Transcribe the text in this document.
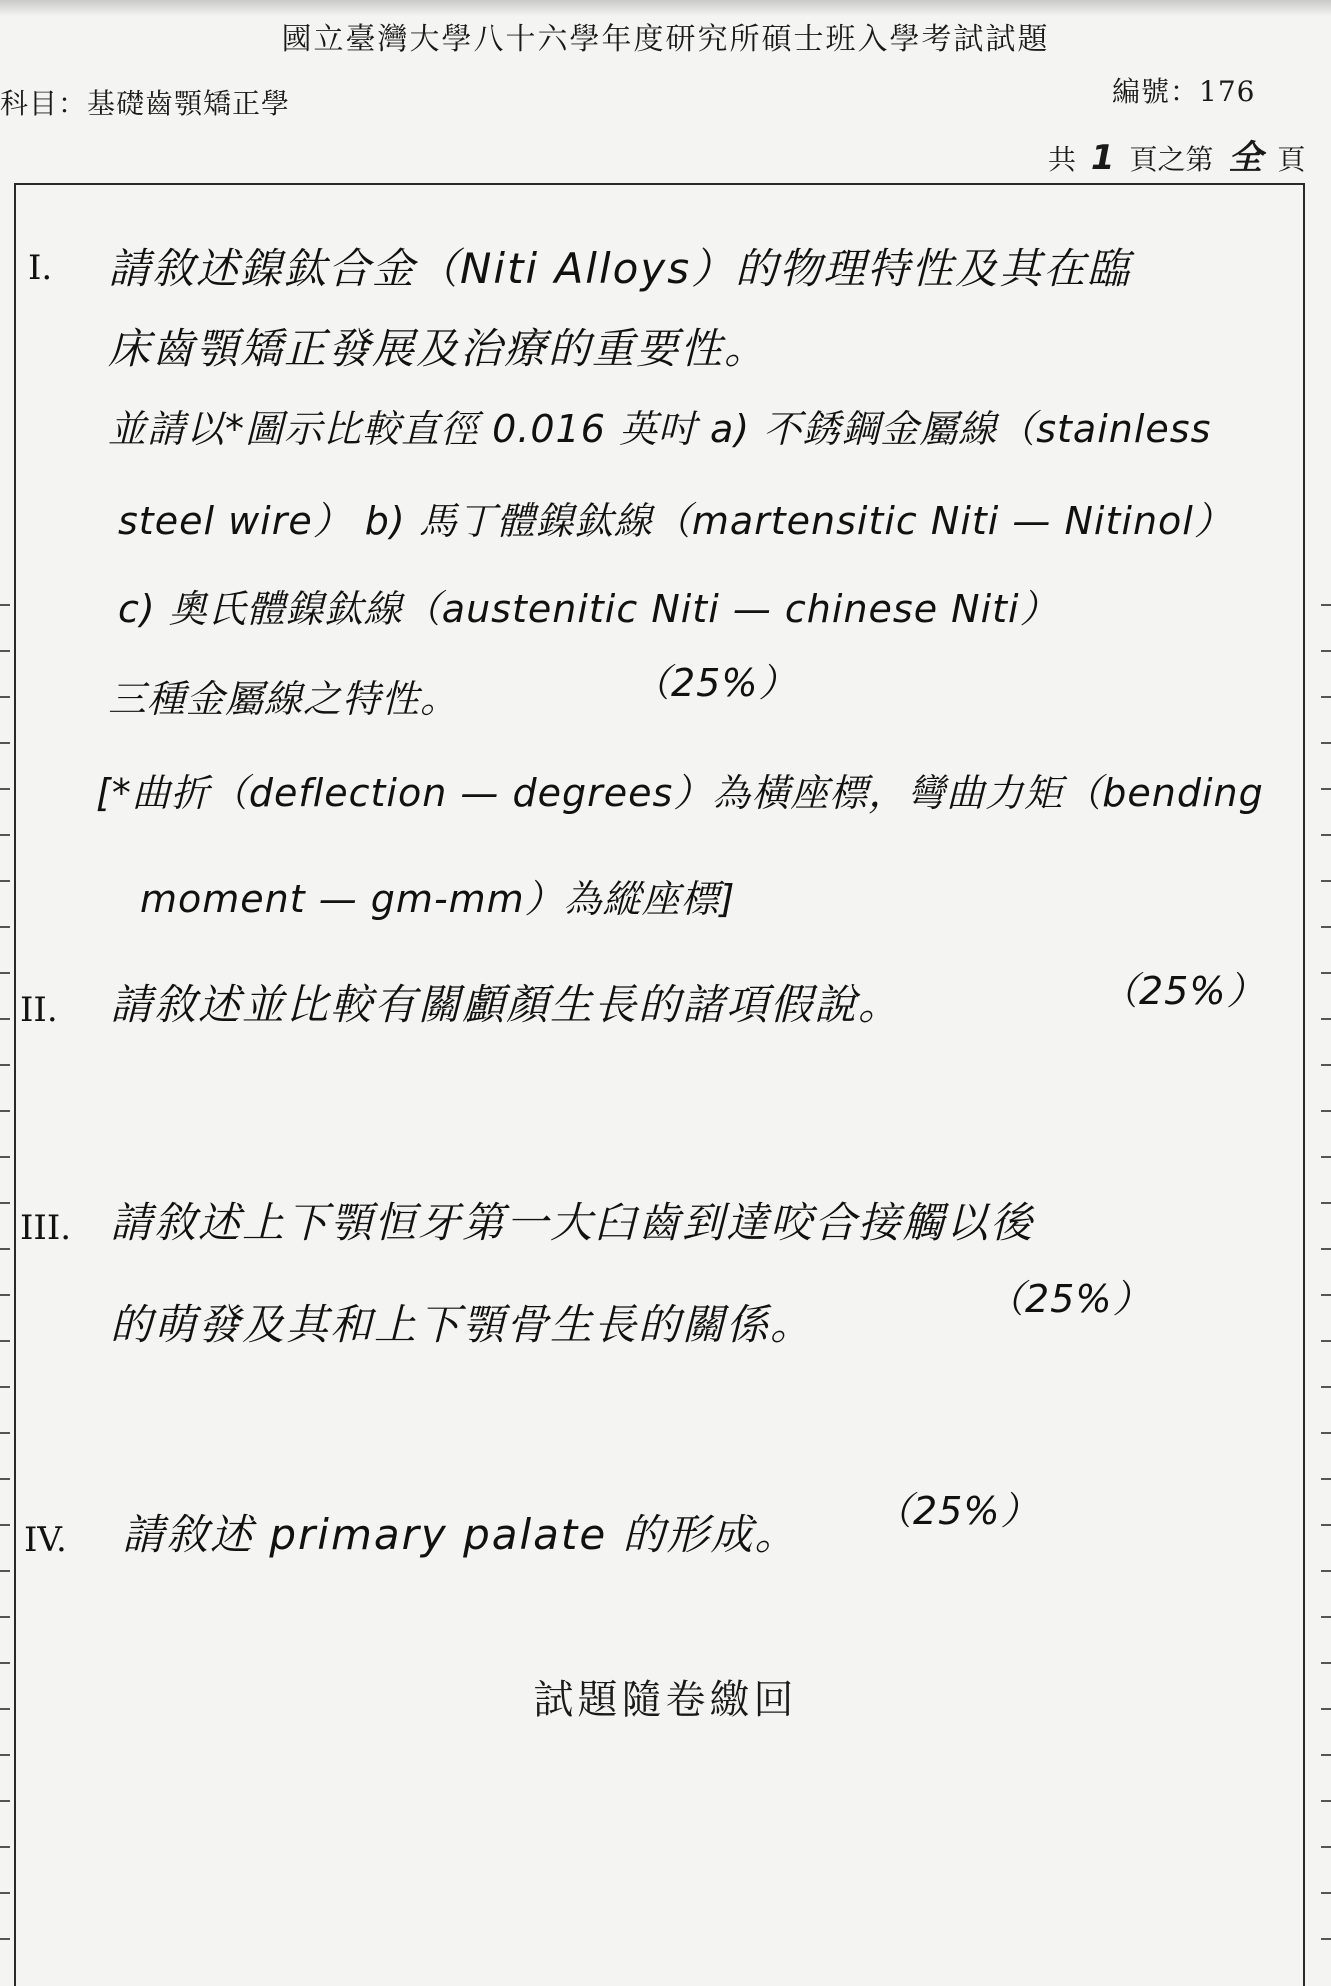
國立臺灣大學八十六學年度研究所碩士班入學考試試題
科目：基礎齒顎矯正學	編號：176
共 1 頁之第 全 頁
I. 請敘述鎳鈦合金（Niti Alloys）的物理特性及其在臨
床齒顎矯正發展及治療的重要性。
並請以*圖示比較直徑 0.016 英吋 a) 不銹鋼金屬線（stainless
steel wire） b) 馬丁體鎳鈦線（martensitic Niti — Nitinol）
c) 奧氏體鎳鈦線（austenitic Niti — chinese Niti）
三種金屬線之特性。	（25%）
[*曲折（deflection — degrees）為橫座標，彎曲力矩（bending
moment — gm-mm）為縱座標]
II. 請敘述並比較有關顱顏生長的諸項假說。	（25%）
III. 請敘述上下顎恒牙第一大臼齒到達咬合接觸以後
的萌發及其和上下顎骨生長的關係。
（25%）
IV. 請敘述 primary palate 的形成。 （25%）
試題隨卷繳回
